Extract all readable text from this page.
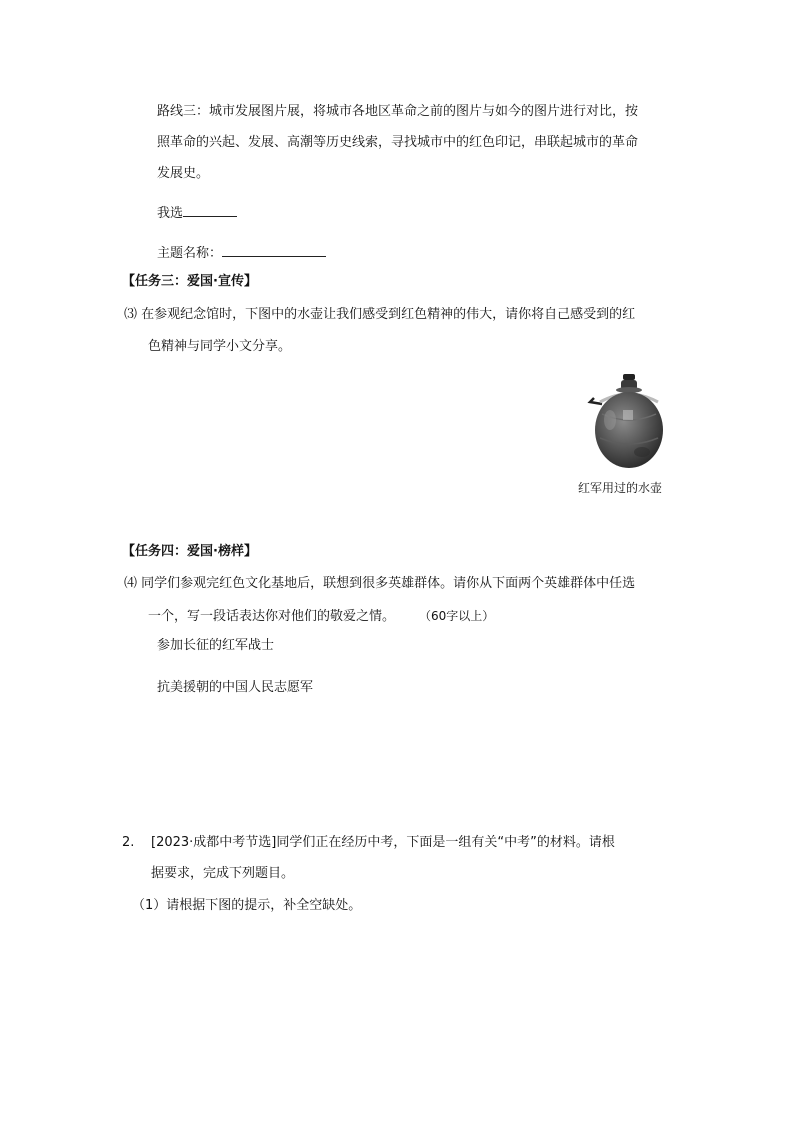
路线三：城市发展图片展，将城市各地区革命之前的图片与如今的图片进行对比，按
照革命的兴起、发展、高潮等历史线索，寻找城市中的红色印记，串联起城市的革命
发展史。
我选
主题名称：
【任务三：爱国·宣传】
⑶ 在参观纪念馆时，下图中的水壶让我们感受到红色精神的伟大，请你将自己感受到的红
色精神与同学小文分享。
红军用过的水壶
【任务四：爱国·榜样】
⑷ 同学们参观完红色文化基地后，联想到很多英雄群体。请你从下面两个英雄群体中任选
一个，写一段话表达你对他们的敬爱之情。 （60字以上）
参加长征的红军战士
抗美援朝的中国人民志愿军
2. [2023·成都中考节选]同学们正在经历中考，下面是一组有关“中考”的材料。请根
据要求，完成下列题目。
（1）请根据下图的提示，补全空缺处。
